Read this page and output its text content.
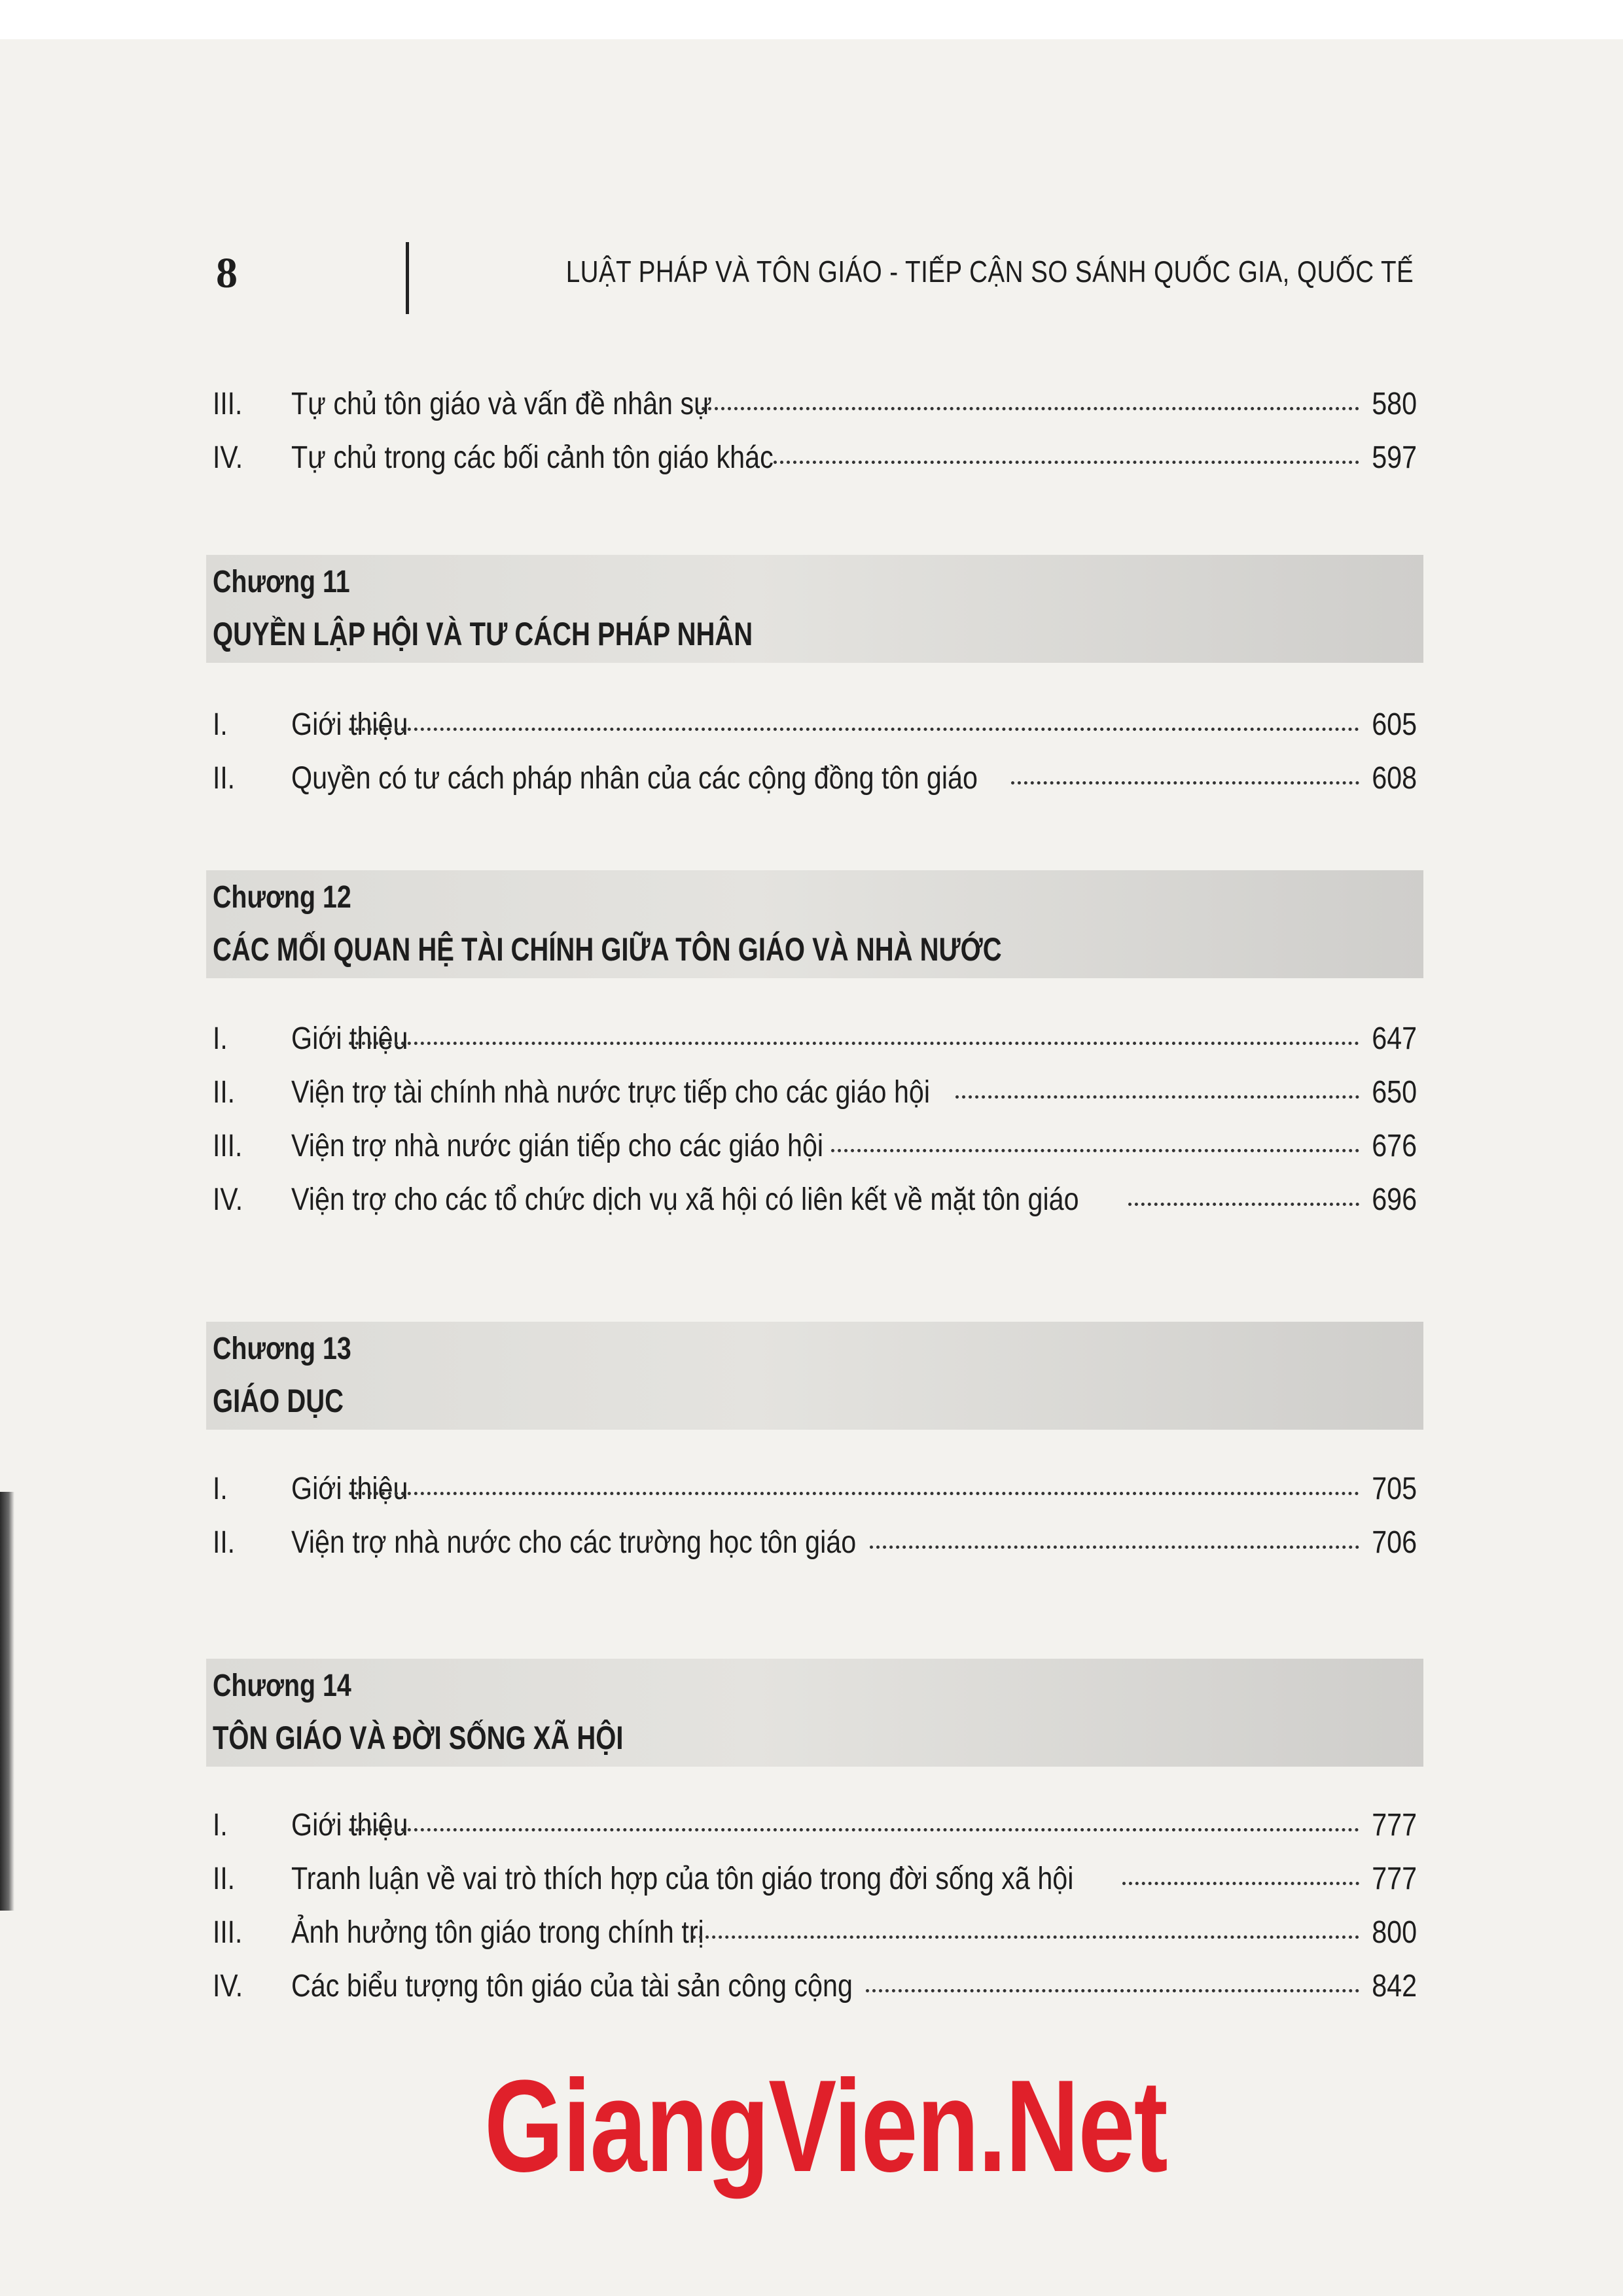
8	LUẬT PHÁP VÀ TÔN GIÁO - TIẾP CẬN SO SÁNH QUỐC GIA, QUỐC TẾ
III.	Tự chủ tôn giáo và vấn đề nhân sự	580
IV.	Tự chủ trong các bối cảnh tôn giáo khác	597
Chương 11
QUYỀN LẬP HỘI VÀ TƯ CÁCH PHÁP NHÂN
I.	Giới thiệu	605
II.	Quyền có tư cách pháp nhân của các cộng đồng tôn giáo	608
Chương 12
CÁC MỐI QUAN HỆ TÀI CHÍNH GIỮA TÔN GIÁO VÀ NHÀ NƯỚC
I.	Giới thiệu	647
II.	Viện trợ tài chính nhà nước trực tiếp cho các giáo hội	650
III.	Viện trợ nhà nước gián tiếp cho các giáo hội	676
IV.	Viện trợ cho các tổ chức dịch vụ xã hội có liên kết về mặt tôn giáo	696
Chương 13
GIÁO DỤC
I.	Giới thiệu	705
II.	Viện trợ nhà nước cho các trường học tôn giáo	706
Chương 14
TÔN GIÁO VÀ ĐỜI SỐNG XÃ HỘI
I.	Giới thiệu	777
II.	Tranh luận về vai trò thích hợp của tôn giáo trong đời sống xã hội	777
III.	Ảnh hưởng tôn giáo trong chính trị	800
IV.	Các biểu tượng tôn giáo của tài sản công cộng	842
GiangVien.Net
